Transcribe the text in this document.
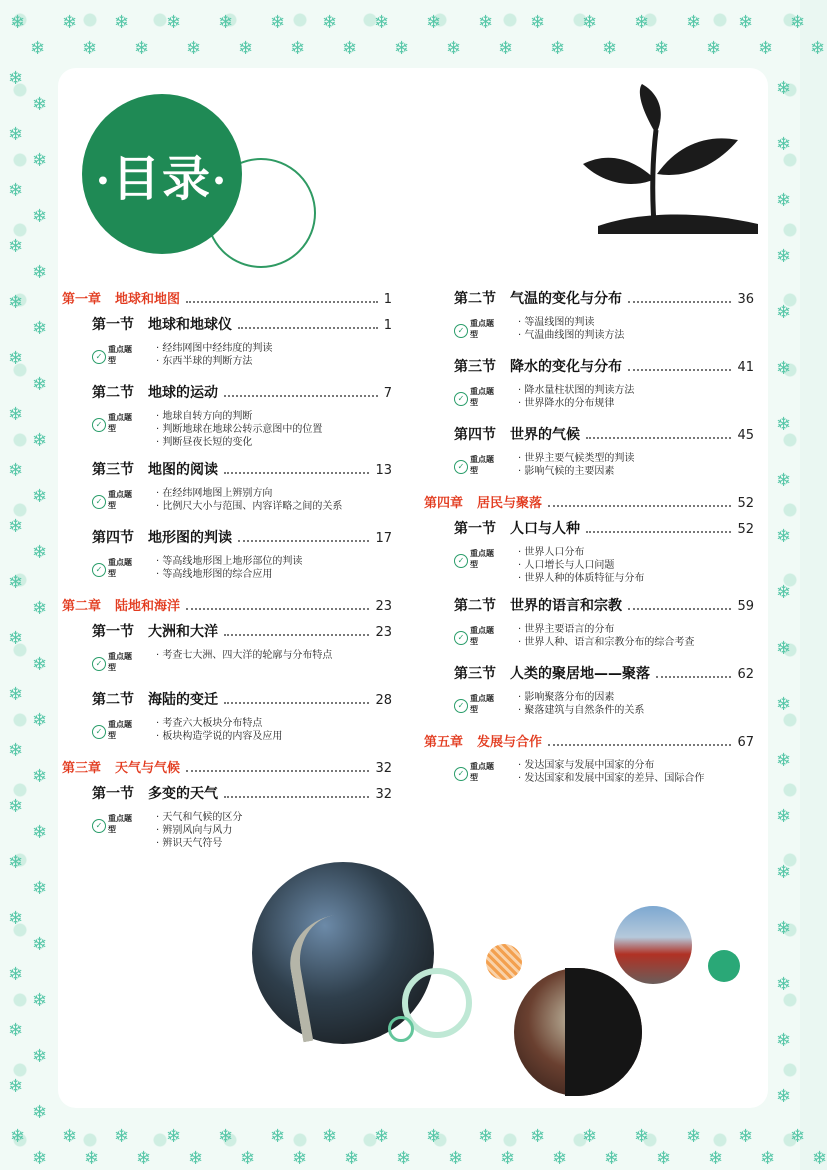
❄
❄
❄
❄
❄
❄
❄
❄
❄
❄
❄
❄
❄
❄
❄
❄
❄
❄
❄
❄
❄
❄
❄
❄
❄
❄
❄
❄
❄
❄
❄
❄
❄
❄
❄
❄
❄
❄
❄
❄
❄
❄
❄
❄
❄
❄
❄
❄
❄
❄
❄
❄
❄
❄
❄
❄
❄
❄
❄
❄
❄
❄
❄
❄
❄
❄
❄
❄
❄
❄
❄
❄
❄
❄
❄
❄
❄
❄
❄
❄
❄
❄
❄
❄
❄
❄
❄
❄
❄
❄
❄
❄
❄
❄
❄
❄
❄
❄
❄
❄
❄
❄
❄
❄
❄
❄
❄
❄
❄
❄
❄
❄
❄
❄
❄
❄
❄
❄
❄
❄
❄
•目录•
第一章 地球和地图	1
第一节 地球和地球仪	1
✓
重点题型
· 经纬网图中经纬度的判读
· 东西半球的判断方法
第二节 地球的运动	7
✓
重点题型
· 地球自转方向的判断
· 判断地球在地球公转示意图中的位置
· 判断昼夜长短的变化
第三节 地图的阅读	13
✓
重点题型
· 在经纬网地图上辨别方向
· 比例尺大小与范围、内容详略之间的关系
第四节 地形图的判读	17
✓
重点题型
· 等高线地形图上地形部位的判读
· 等高线地形图的综合应用
第二章 陆地和海洋	23
第一节 大洲和大洋	23
✓
重点题型
· 考查七大洲、四大洋的轮廓与分布特点
第二节 海陆的变迁	28
✓
重点题型
· 考查六大板块分布特点
· 板块构造学说的内容及应用
第三章 天气与气候	32
第一节 多变的天气	32
✓
重点题型
· 天气和气候的区分
· 辨别风向与风力
· 辨识天气符号
第二节 气温的变化与分布	36
✓
重点题型
· 等温线图的判读
· 气温曲线图的判读方法
第三节 降水的变化与分布	41
✓
重点题型
· 降水量柱状图的判读方法
· 世界降水的分布规律
第四节 世界的气候	45
✓
重点题型
· 世界主要气候类型的判读
· 影响气候的主要因素
第四章 居民与聚落	52
第一节 人口与人种	52
✓
重点题型
· 世界人口分布
· 人口增长与人口问题
· 世界人种的体质特征与分布
第二节 世界的语言和宗教	59
✓
重点题型
· 世界主要语言的分布
· 世界人种、语言和宗教分布的综合考查
第三节 人类的聚居地——聚落	62
✓
重点题型
· 影响聚落分布的因素
· 聚落建筑与自然条件的关系
第五章 发展与合作	67
✓
重点题型
· 发达国家与发展中国家的分布
· 发达国家和发展中国家的差异、国际合作
